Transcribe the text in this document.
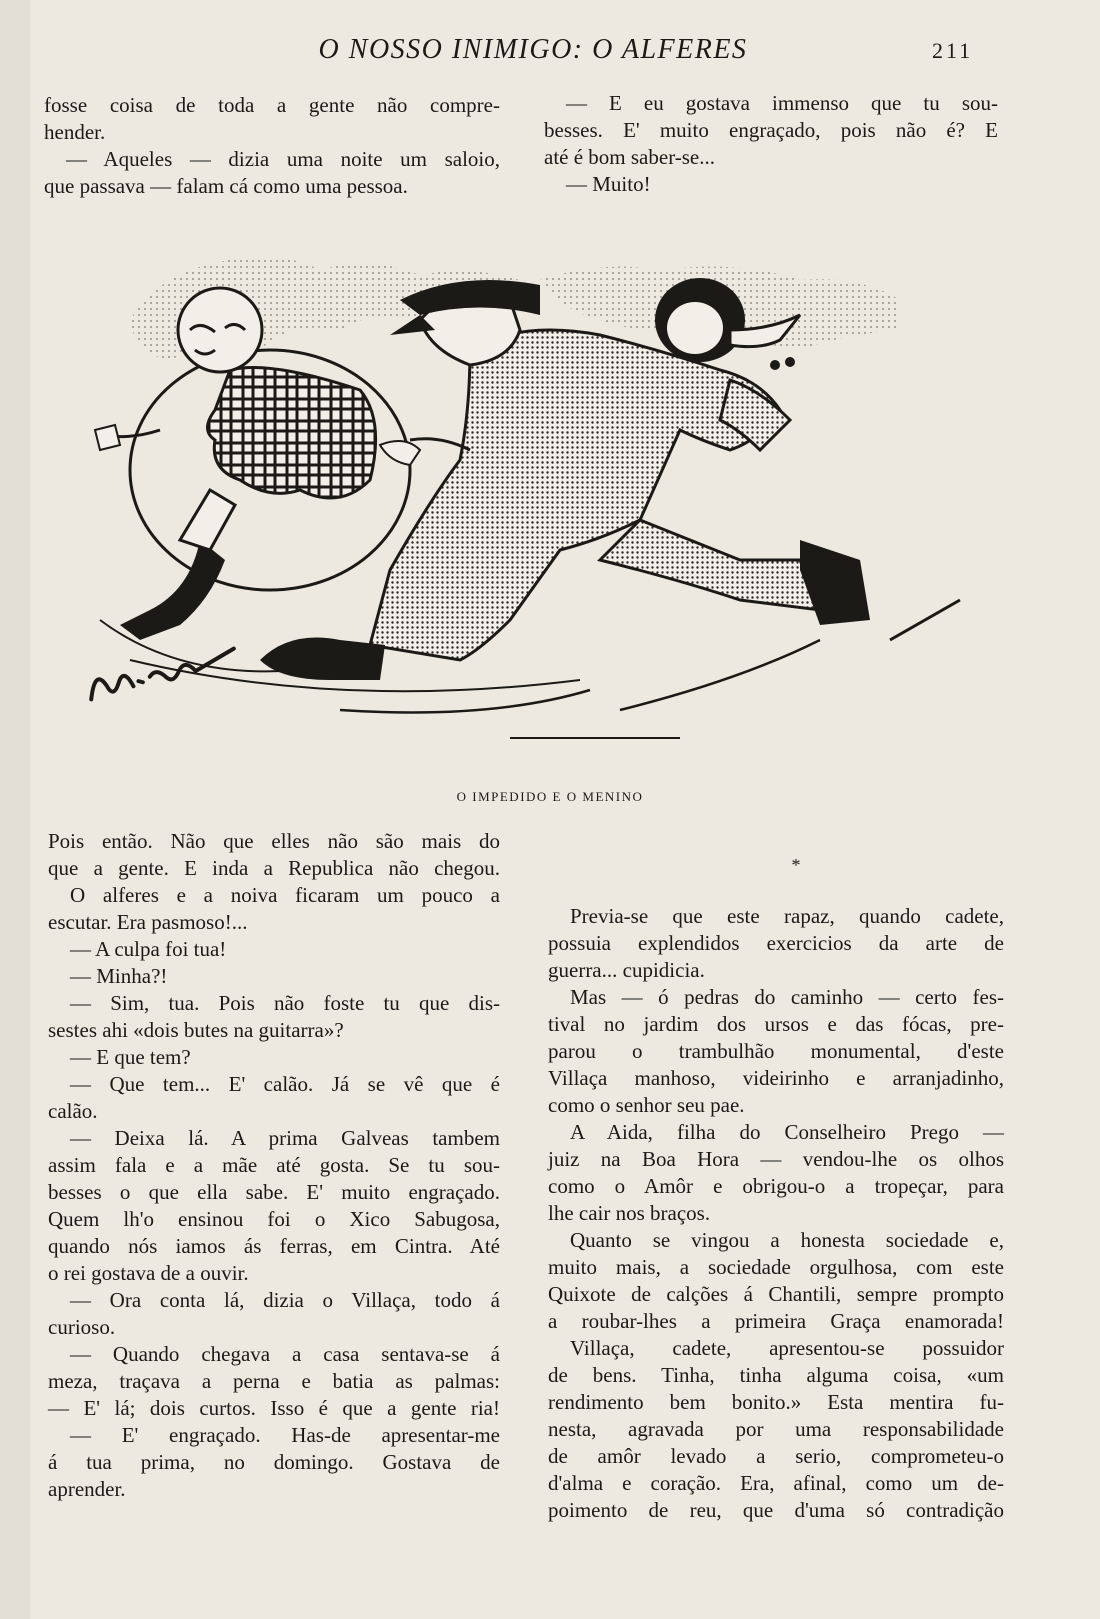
O NOSSO INIMIGO: O ALFERES	211

fosse coisa de toda a gente não compre-

hender.

— Aqueles — dizia uma noite um saloio,

que passava — falam cá como uma pessoa.

— E eu gostava immenso que tu sou-

besses. E' muito engraçado, pois não é? E

até é bom saber-se...

— Muito!

O IMPEDIDO E O MENINO

Pois então. Não que elles não são mais do

que a gente. E inda a Republica não chegou.

O alferes e a noiva ficaram um pouco a

escutar. Era pasmoso!...

— A culpa foi tua!

— Minha?!

— Sim, tua. Pois não foste tu que dis-

sestes ahi «dois butes na guitarra»?

— E que tem?

— Que tem... E' calão. Já se vê que é

calão.

— Deixa lá. A prima Galveas tambem

assim fala e a mãe até gosta. Se tu sou-

besses o que ella sabe. E' muito engraçado.

Quem lh'o ensinou foi o Xico Sabugosa,

quando nós iamos ás ferras, em Cintra. Até

o rei gostava de a ouvir.

— Ora conta lá, dizia o Villaça, todo á

curioso.

— Quando chegava a casa sentava-se á

meza, traçava a perna e batia as palmas:

— E' lá; dois curtos. Isso é que a gente ria!

— E' engraçado. Has-de apresentar-me

á tua prima, no domingo. Gostava de

aprender.

*

Previa-se que este rapaz, quando cadete,

possuia explendidos exercicios da arte de

guerra... cupidicia.

Mas — ó pedras do caminho — certo fes-

tival no jardim dos ursos e das fócas, pre-

parou o trambulhão monumental, d'este

Villaça manhoso, videirinho e arranjadinho,

como o senhor seu pae.

A Aida, filha do Conselheiro Prego —

juiz na Boa Hora — vendou-lhe os olhos

como o Amôr e obrigou-o a tropeçar, para

lhe cair nos braços.

Quanto se vingou a honesta sociedade e,

muito mais, a sociedade orgulhosa, com este

Quixote de calções á Chantili, sempre prompto

a roubar-lhes a primeira Graça enamorada!

Villaça, cadete, apresentou-se possuidor

de bens. Tinha, tinha alguma coisa, «um

rendimento bem bonito.» Esta mentira fu-

nesta, agravada por uma responsabilidade

de amôr levado a serio, comprometeu-o

d'alma e coração. Era, afinal, como um de-

poimento de reu, que d'uma só contradição
